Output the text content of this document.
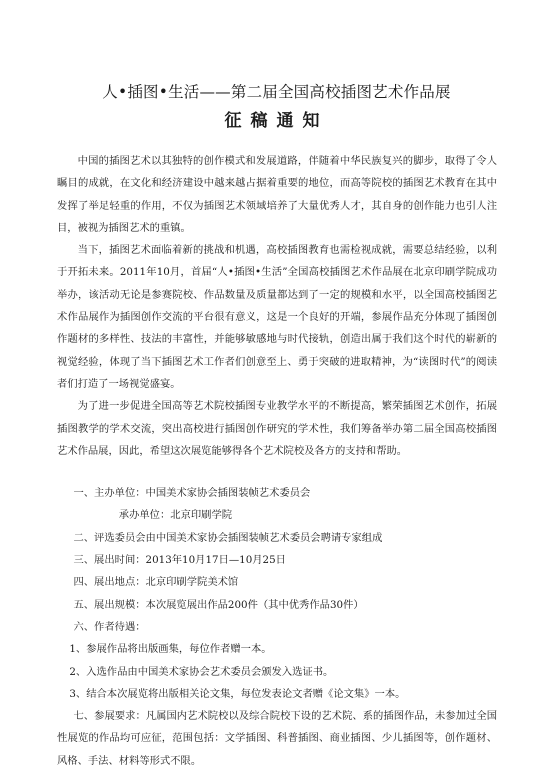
人•插图•生活——第二届全国高校插图艺术作品展
征稿通知

中国的插图艺术以其独特的创作模式和发展道路，伴随着中华民族复兴的脚步，取得了令人瞩目的成就，在文化和经济建设中越来越占据着重要的地位，而高等院校的插图艺术教育在其中发挥了举足轻重的作用，不仅为插图艺术领域培养了大量优秀人才，其自身的创作能力也引人注目，被视为插图艺术的重镇。

当下，插图艺术面临着新的挑战和机遇，高校插图教育也需检视成就，需要总结经验，以利于开拓未来。2011年10月，首届“人•插图•生活”全国高校插图艺术作品展在北京印刷学院成功举办，该活动无论是参赛院校、作品数量及质量都达到了一定的规模和水平，以全国高校插图艺术作品展作为插图创作交流的平台很有意义，这是一个良好的开端，参展作品充分体现了插图创作题材的多样性、技法的丰富性，并能够敏感地与时代接轨，创造出属于我们这个时代的崭新的视觉经验，体现了当下插图艺术工作者们创意至上、勇于突破的进取精神，为“读图时代”的阅读者们打造了一场视觉盛宴。

为了进一步促进全国高等艺术院校插图专业教学水平的不断提高，繁荣插图艺术创作，拓展插图教学的学术交流，突出高校进行插图创作研究的学术性，我们筹备举办第二届全国高校插图艺术作品展，因此，希望这次展览能够得各个艺术院校及各方的支持和帮助。

一、主办单位：中国美术家协会插图装帧艺术委员会

承办单位：北京印刷学院

二、评选委员会由中国美术家协会插图装帧艺术委员会聘请专家组成

三、展出时间：2013年10月17日—10月25日

四、展出地点：北京印刷学院美术馆

五、展出规模：本次展览展出作品200件（其中优秀作品30件）

六、作者待遇：

1、参展作品将出版画集，每位作者赠一本。

2、入选作品由中国美术家协会艺术委员会颁发入选证书。

3、结合本次展览将出版相关论文集，每位发表论文者赠《论文集》一本。

七、参展要求：凡属国内艺术院校以及综合院校下设的艺术院、系的插图作品，未参加过全国性展览的作品均可应征，范围包括：文学插图、科普插图、商业插图、少儿插图等，创作题材、风格、手法、材料等形式不限。
